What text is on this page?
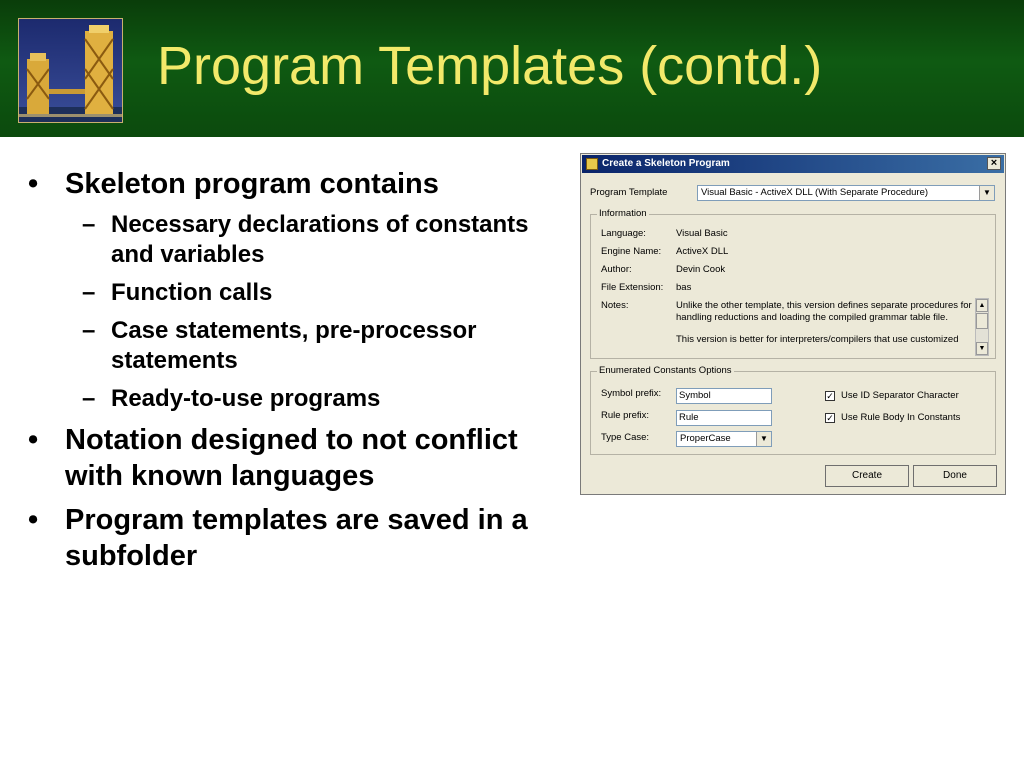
Program Templates (contd.)
• Skeleton program contains
– Necessary declarations of constants and variables
– Function calls
– Case statements, pre-processor statements
– Ready-to-use programs
• Notation designed to not conflict with known languages
• Program templates are saved in a subfolder
Create a Skeleton Program	×
Program Template	Visual Basic - ActiveX DLL (With Separate Procedure)	▼
Information
Language:	Visual Basic
Engine Name: ActiveX DLL
Author:	Devin Cook
File Extension: bas
Notes:	Unlike the other template, this version defines separate procedures for
handling reductions and loading the compiled grammar table file.
This version is better for interpreters/compilers that use customized
▲
▼
Enumerated Constants Options
Symbol prefix:	Symbol
Rule prefix:	Rule
Type Case:	ProperCase	▼
✓ Use ID Separator Character
✓ Use Rule Body In Constants
Create	Done
